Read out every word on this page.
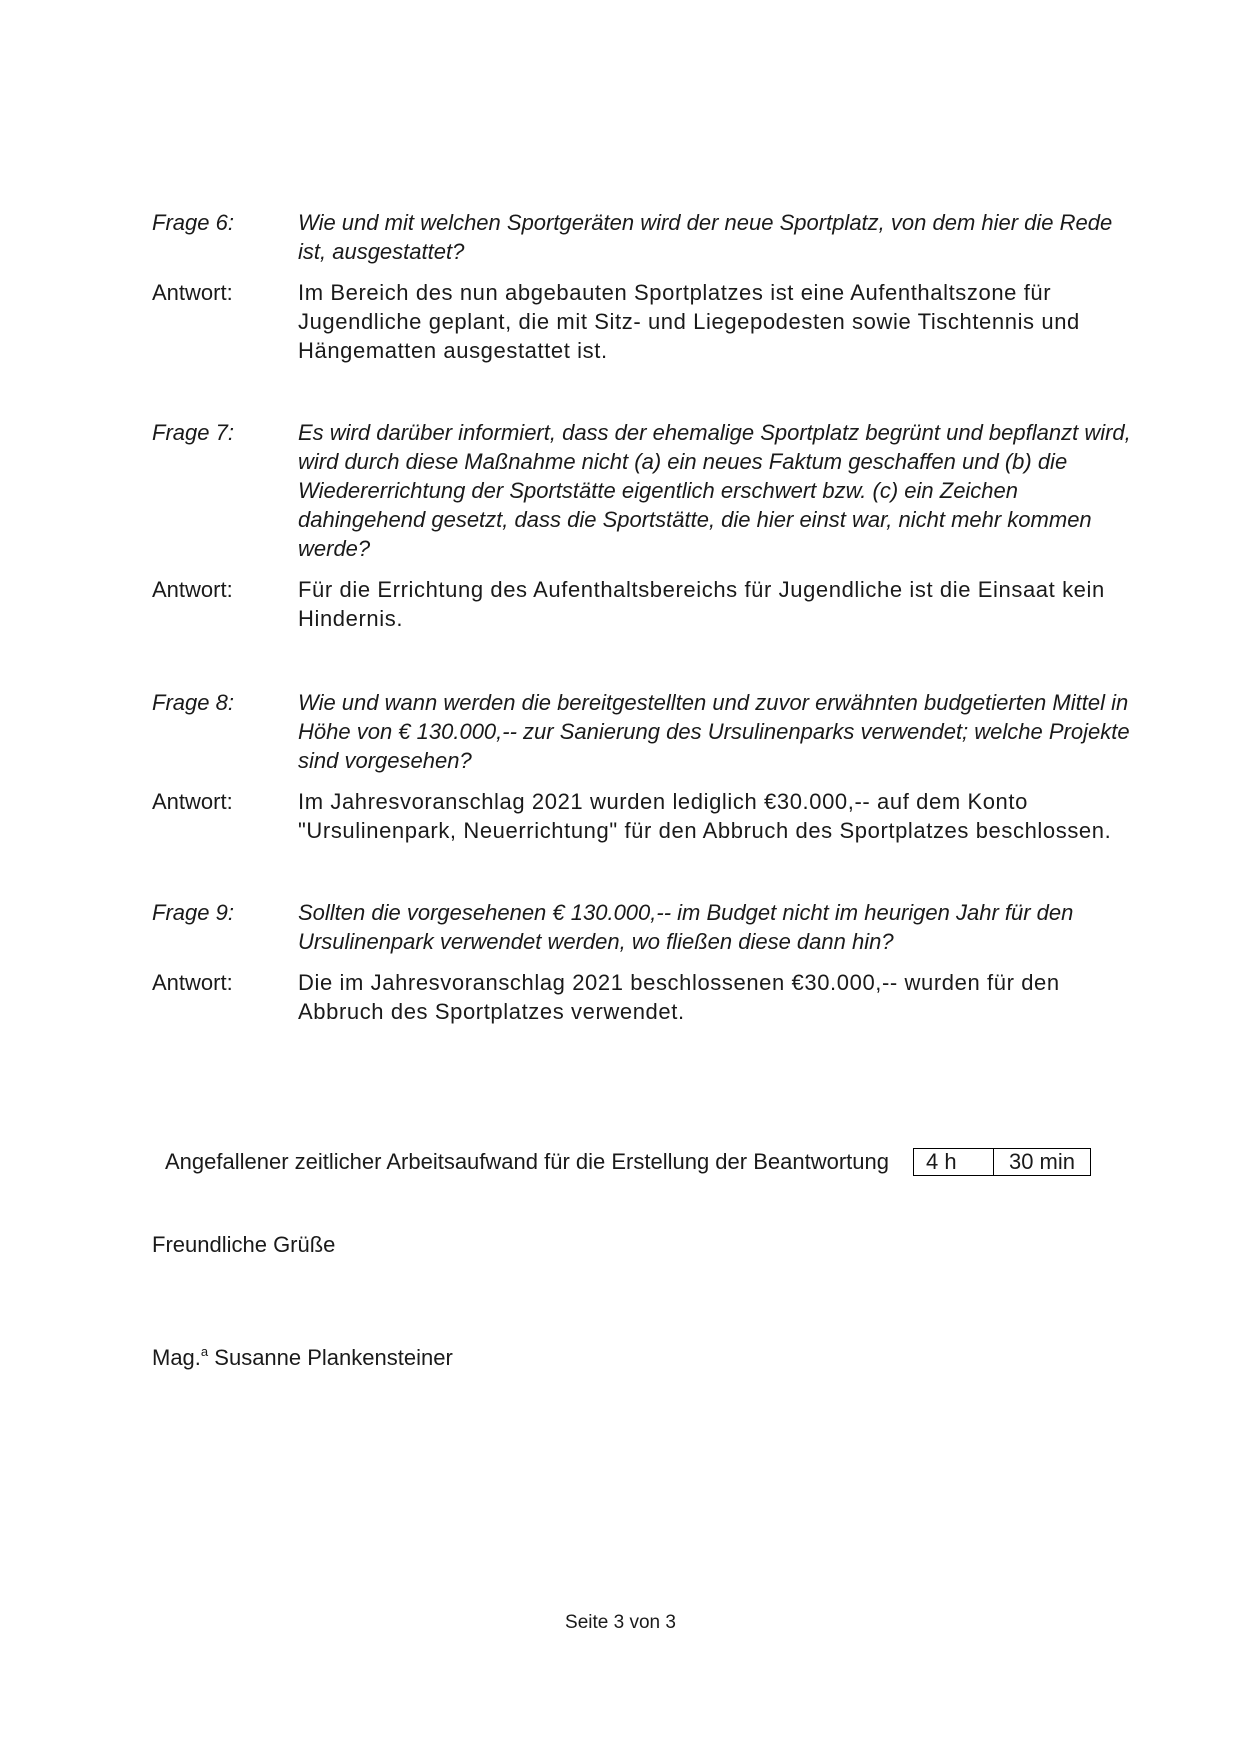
Frage 6:	Wie und mit welchen Sportgeräten wird der neue Sportplatz, von dem hier die Rede ist, ausgestattet?
Antwort:	Im Bereich des nun abgebauten Sportplatzes ist eine Aufenthaltszone für Jugendliche geplant, die mit Sitz- und Liegepodesten sowie Tischtennis und Hängematten ausgestattet ist.
Frage 7:	Es wird darüber informiert, dass der ehemalige Sportplatz begrünt und bepflanzt wird, wird durch diese Maßnahme nicht (a) ein neues Faktum geschaffen und (b) die Wiedererrichtung der Sportstätte eigentlich erschwert bzw. (c) ein Zeichen dahingehend gesetzt, dass die Sportstätte, die hier einst war, nicht mehr kommen werde?
Antwort:	Für die Errichtung des Aufenthaltsbereichs für Jugendliche ist die Einsaat kein Hindernis.
Frage 8:	Wie und wann werden die bereitgestellten und zuvor erwähnten budgetierten Mittel in Höhe von € 130.000,-- zur Sanierung des Ursulinenparks verwendet; welche Projekte sind vorgesehen?
Antwort:	Im Jahresvoranschlag 2021 wurden lediglich €30.000,-- auf dem Konto "Ursulinenpark, Neuerrichtung" für den Abbruch des Sportplatzes beschlossen.
Frage 9:	Sollten die vorgesehenen € 130.000,-- im Budget nicht im heurigen Jahr für den Ursulinenpark verwendet werden, wo fließen diese dann hin?
Antwort:	Die im Jahresvoranschlag 2021 beschlossenen €30.000,-- wurden für den Abbruch des Sportplatzes verwendet.
Angefallener zeitlicher Arbeitsaufwand für die Erstellung der Beantwortung	4 h	30 min
Freundliche Grüße
Mag.$^a$ Susanne Plankensteiner
Seite 3 von 3
